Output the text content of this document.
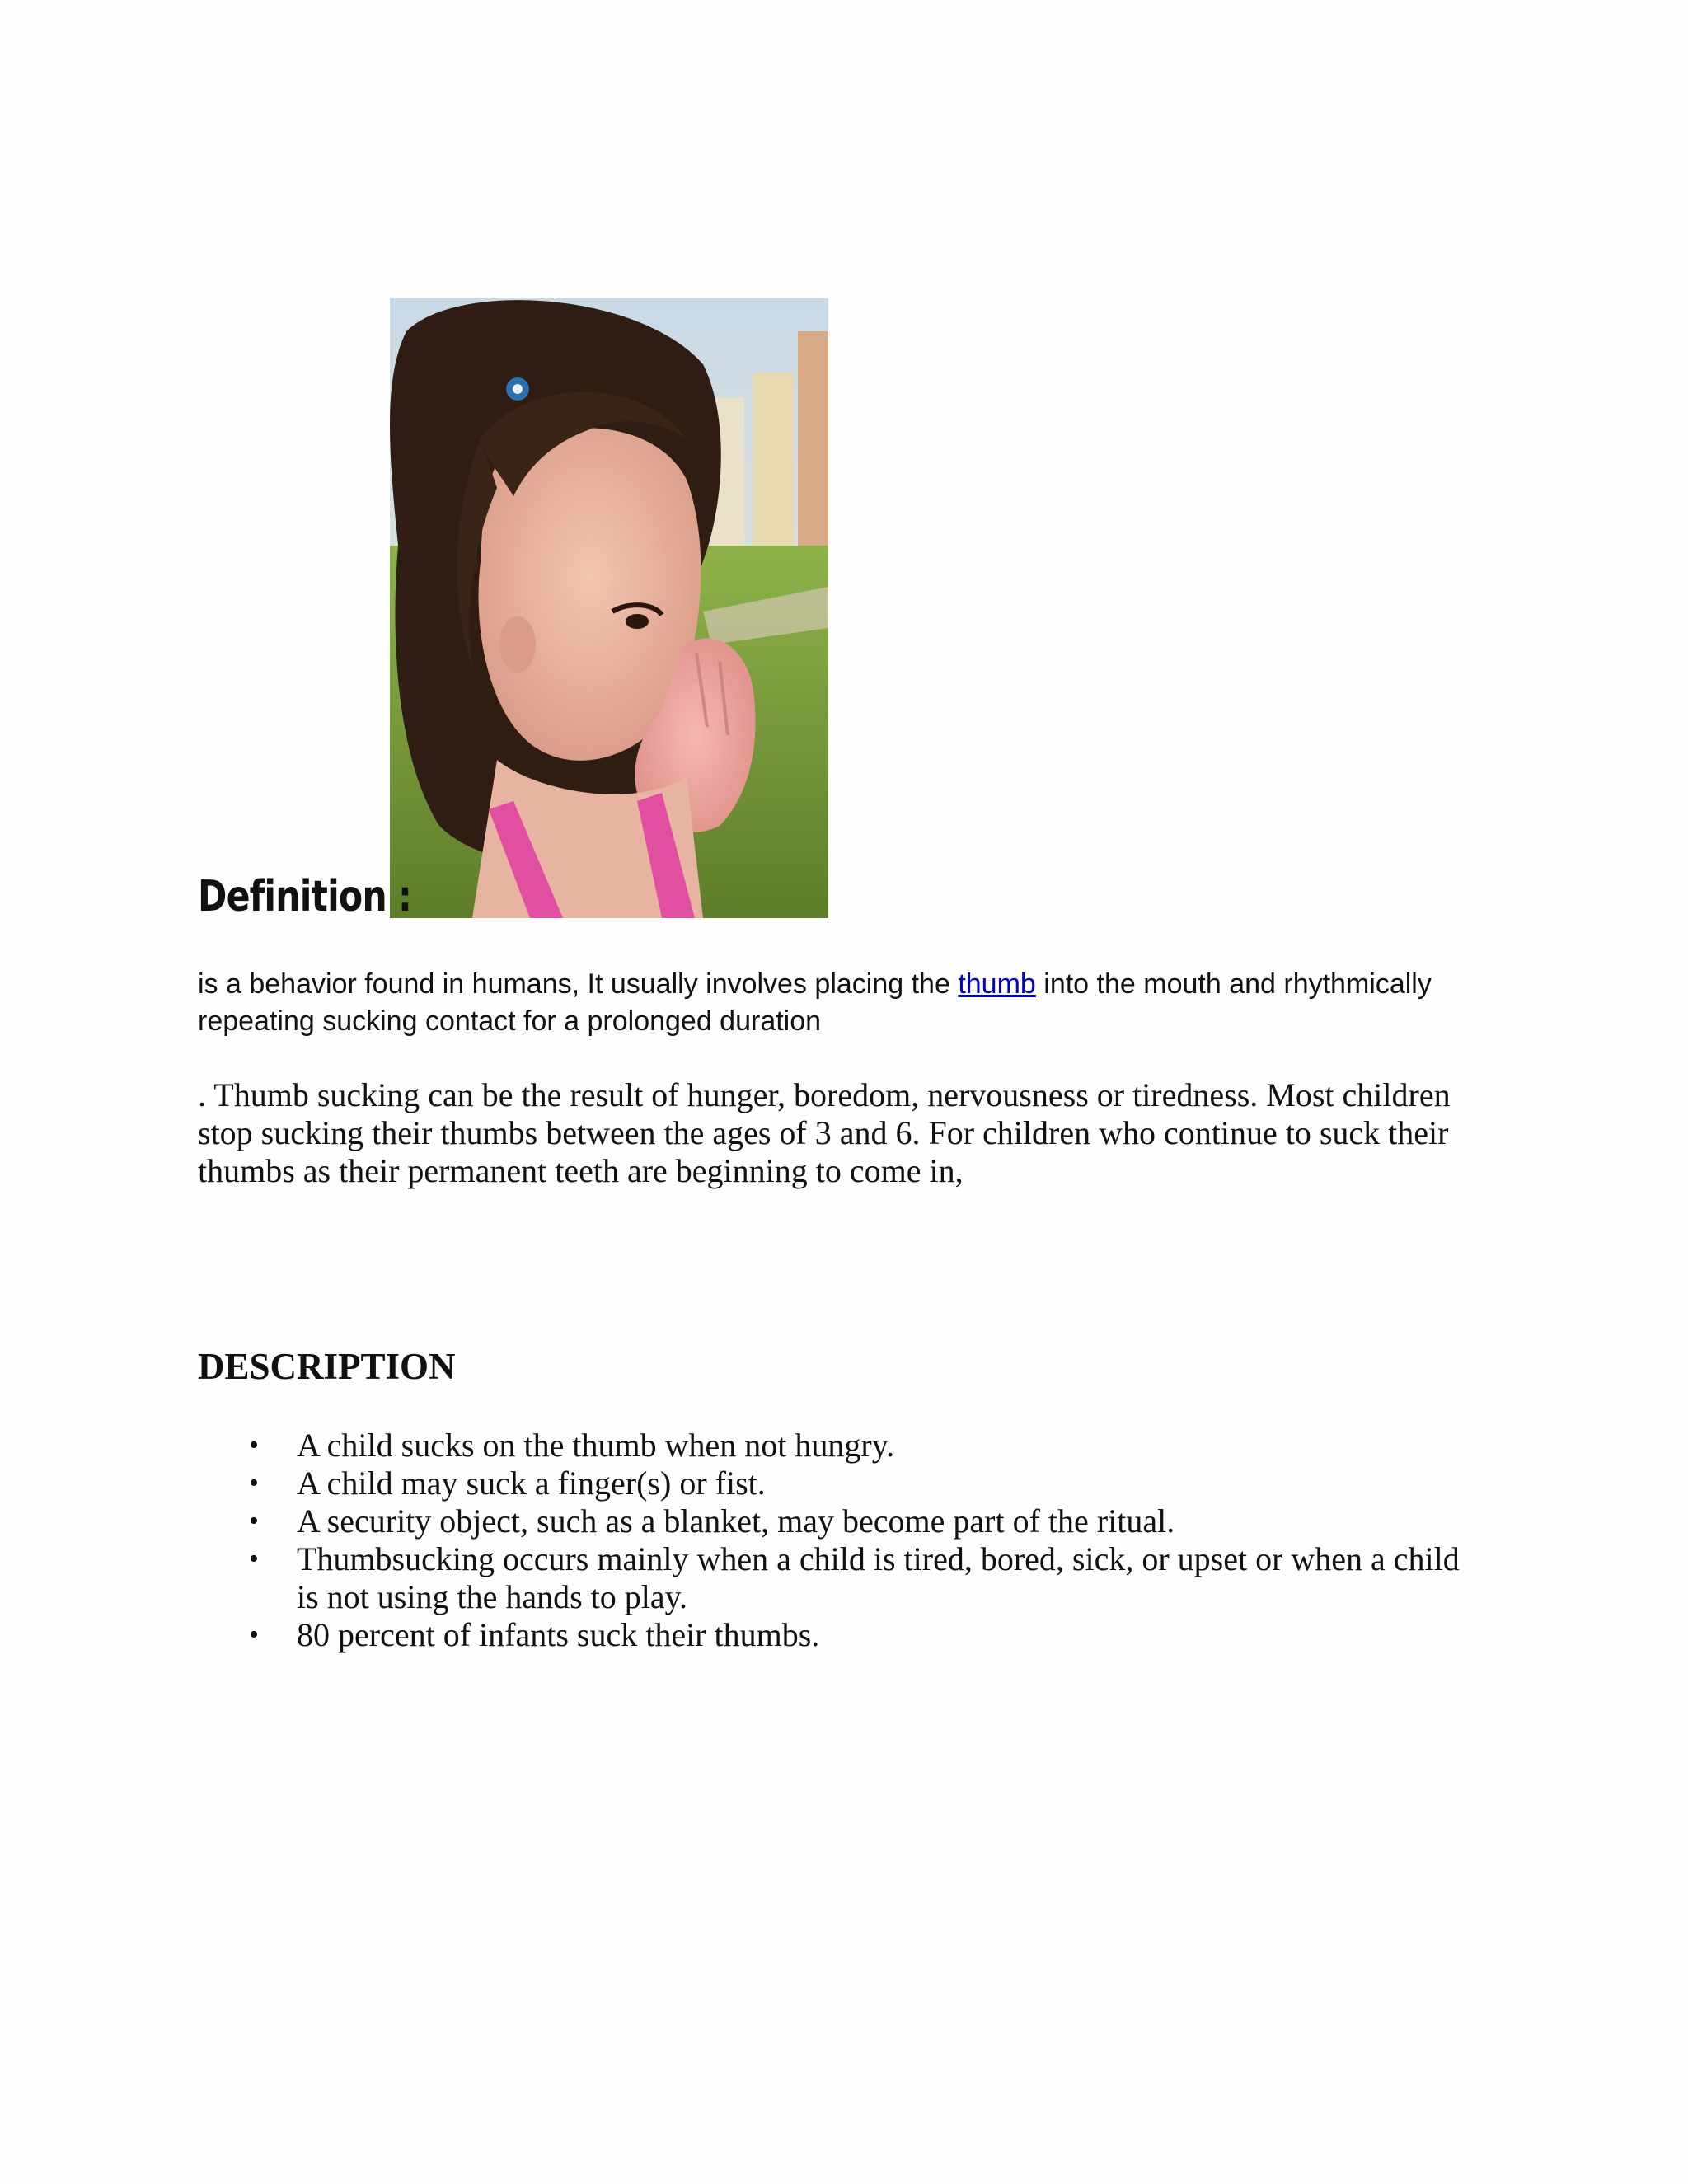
Definition :

is a behavior found in humans, It usually involves placing the thumb into the mouth and rhythmically repeating sucking contact for a prolonged duration

. Thumb sucking can be the result of hunger, boredom, nervousness or tiredness. Most children stop sucking their thumbs between the ages of 3 and 6. For children who continue to suck their thumbs as their permanent teeth are beginning to come in,

DESCRIPTION
• A child sucks on the thumb when not hungry.
• A child may suck a finger(s) or fist.
• A security object, such as a blanket, may become part of the ritual.
• Thumbsucking occurs mainly when a child is tired, bored, sick, or upset or when a child is not using the hands to play.
• 80 percent of infants suck their thumbs.
